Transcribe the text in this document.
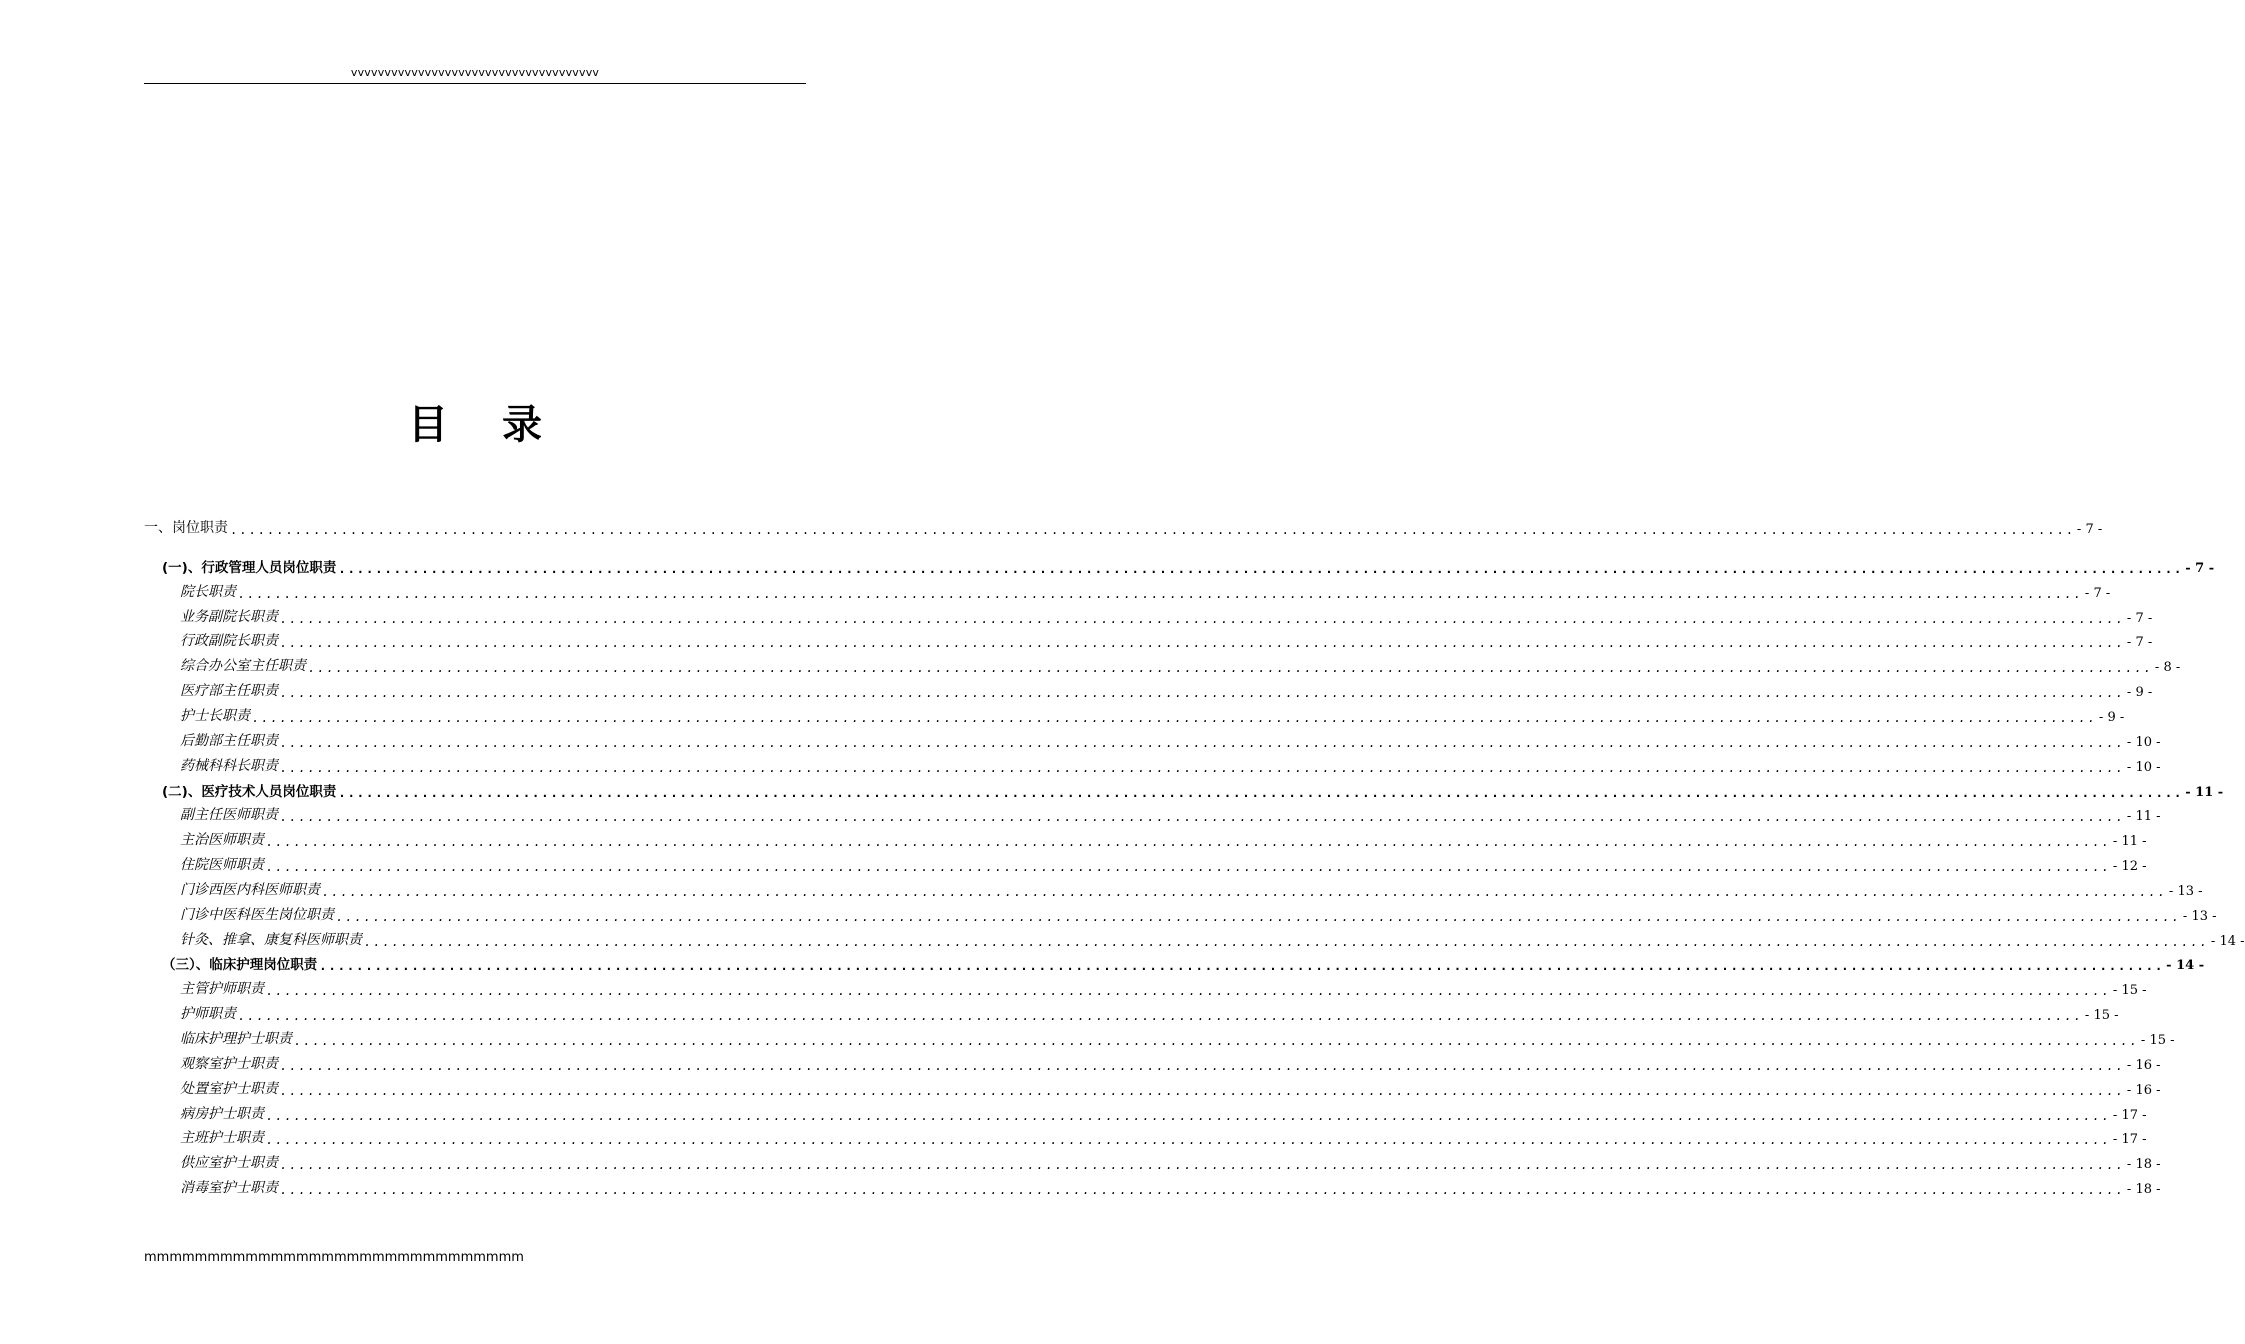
vvvvvvvvvvvvvvvvvvvvvvvvvvvvvvvvvvvvv
目 录
一、岗位职责 ........................................................................................................................................................................................................ - 7 -
(一)、行政管理人员岗位职责 ........................................................................................................................................................................................................ - 7 -
院长职责 ........................................................................................................................................................................................................ - 7 -
业务副院长职责 ........................................................................................................................................................................................................ - 7 -
行政副院长职责 ........................................................................................................................................................................................................ - 7 -
综合办公室主任职责 ........................................................................................................................................................................................................ - 8 -
医疗部主任职责 ........................................................................................................................................................................................................ - 9 -
护士长职责 ........................................................................................................................................................................................................ - 9 -
后勤部主任职责 ........................................................................................................................................................................................................ - 10 -
药械科科长职责 ........................................................................................................................................................................................................ - 10 -
(二)、医疗技术人员岗位职责 ........................................................................................................................................................................................................ - 11 -
副主任医师职责 ........................................................................................................................................................................................................ - 11 -
主治医师职责 ........................................................................................................................................................................................................ - 11 -
住院医师职责 ........................................................................................................................................................................................................ - 12 -
门诊西医内科医师职责 ........................................................................................................................................................................................................ - 13 -
门诊中医科医生岗位职责 ........................................................................................................................................................................................................ - 13 -
针灸、推拿、康复科医师职责 ........................................................................................................................................................................................................ - 14 -
（三）、临床护理岗位职责 ........................................................................................................................................................................................................ - 14 -
主管护师职责 ........................................................................................................................................................................................................ - 15 -
护师职责 ........................................................................................................................................................................................................ - 15 -
临床护理护士职责 ........................................................................................................................................................................................................ - 15 -
观察室护士职责 ........................................................................................................................................................................................................ - 16 -
处置室护士职责 ........................................................................................................................................................................................................ - 16 -
病房护士职责 ........................................................................................................................................................................................................ - 17 -
主班护士职责 ........................................................................................................................................................................................................ - 17 -
供应室护士职责 ........................................................................................................................................................................................................ - 18 -
消毒室护士职责 ........................................................................................................................................................................................................ - 18 -
mmmmmmmmmmmmmmmmmmmmmmmmmmmmmm
